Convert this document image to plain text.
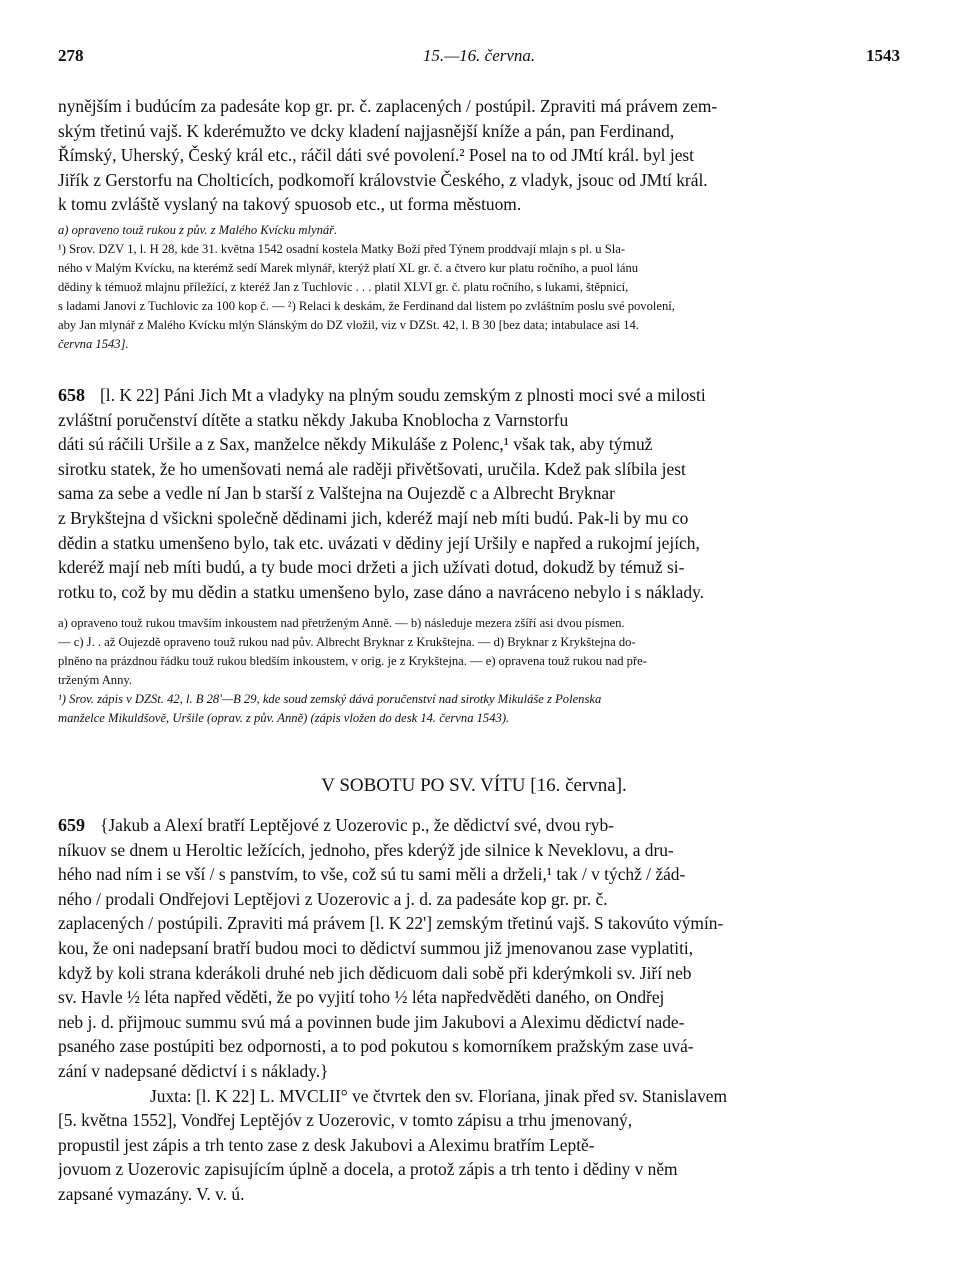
278	15.—16. června.	1543

nynějším i budúcím za padesáte kop gr. pr. č. zaplacených / postúpil. Zpraviti má právem zem-
ským třetinú vajš. K kderémužto ve dcky kladení najjasnější kníže a pán, pan Ferdinand,
Římský, Uherský, Český král etc., ráčil dáti své povolení.² Posel na to od JMtí král. byl jest
Jiřík z Gerstorfu na Cholticích, podkomoří královstvie Českého, z vladyk, jsouc od JMtí král.
k tomu zvláště vyslaný na takový spuosob etc., ut forma městuom.

a) opraveno touž rukou z pův. z Malého Kvícku mlynář.

¹) Srov. DZV 1, l. H 28, kde 31. května 1542 osadní kostela Matky Boží před Týnem proddvají mlajn s pl. u Sla-

ného v Malým Kvícku, na kterémž sedí Marek mlynář, kterýž platí XL gr. č. a čtvero kur platu ročního, a puol lánu

dědiny k témuož mlajnu příležící, z kteréž Jan z Tuchlovic . . . platil XLVI gr. č. platu ročního, s lukami, štěpnicí,

s ladami Janovi z Tuchlovic za 100 kop č. — ²) Relaci k deskám, že Ferdinand dal listem po zvláštním poslu své povolení,

aby Jan mlynář z Malého Kvícku mlýn Slánským do DZ vložil, viz v DZSt. 42, l. B 30 [bez data; intabulace asi 14.

června 1543].

658 [l. K 22] Páni Jich Mt a vladyky na plným soudu zemským z plnosti moci své a milosti
zvláštní poručenství dítěte a statku někdy Jakuba Knoblocha z Varnstorfu
dáti sú ráčili Uršile a z Sax, manželce někdy Mikuláše z Polenc,¹ však tak, aby týmuž
sirotku statek, že ho umenšovati nemá ale raději přivětšovati, uručila. Kdež pak slíbila jest
sama za sebe a vedle ní Jan b starší z Valštejna na Oujezdě c a Albrecht Bryknar
z Brykštejna d všickni společně dědinami jich, kderéž mají neb míti budú. Pak-li by mu co
dědin a statku umenšeno bylo, tak etc. uvázati v dědiny její Uršily e napřed a rukojmí jejích,
kderéž mají neb míti budú, a ty bude moci držeti a jich užívati dotud, dokudž by témuž si-
rotku to, což by mu dědin a statku umenšeno bylo, zase dáno a navráceno nebylo i s náklady.

a) opraveno touž rukou tmavším inkoustem nad přetrženým Anně. — b) následuje mezera zšíří asi dvou písmen.

— c) J. . až Oujezdě opraveno touž rukou nad pův. Albrecht Bryknar z Krukštejna. — d) Bryknar z Krykštejna do-

plněno na prázdnou řádku touž rukou bledším inkoustem, v orig. je z Krykštejna. — e) opravena touž rukou nad pře-

trženým Anny.

¹) Srov. zápis v DZSt. 42, l. B 28'—B 29, kde soud zemský dává poručenství nad sirotky Mikuláše z Polenska

manželce Mikuldšově, Uršile (oprav. z pův. Anně) (zápis vložen do desk 14. června 1543).

V SOBOTU PO SV. VÍTU [16. června].

659 {Jakub a Alexí bratří Leptějové z Uozerovic p., že dědictví své, dvou ryb-
níkuov se dnem u Heroltic ležících, jednoho, přes kderýž jde silnice k Neveklovu, a dru-
hého nad ním i se vší / s panstvím, to vše, což sú tu sami měli a drželi,¹ tak / v týchž / žád-
ného / prodali Ondřejovi Leptějovi z Uozerovic a j. d. za padesáte kop gr. pr. č.
zaplacených / postúpili. Zpraviti má právem [l. K 22'] zemským třetinú vajš. S takovúto výmín-
kou, že oni nadepsaní bratří budou moci to dědictví summou již jmenovanou zase vyplatiti,
když by koli strana kderákoli druhé neb jich dědicuom dali sobě při kderýmkoli sv. Jiří neb
sv. Havle ½ léta napřed věděti, že po vyjití toho ½ léta napředvěděti daného, on Ondřej
neb j. d. přijmouc summu svú má a povinnen bude jim Jakubovi a Aleximu dědictví nade-
psaného zase postúpiti bez odpornosti, a to pod pokutou s komorníkem pražským zase uvá-
zání v nadepsané dědictví i s náklady.}
Juxta: [l. K 22] L. MVCLII° ve čtvrtek den sv. Floriana, jinak před sv. Stanislavem
[5. května 1552], Vondřej Leptějóv z Uozerovic, v tomto zápisu a trhu jmenovaný,
propustil jest zápis a trh tento zase z desk Jakubovi a Aleximu bratřím Leptě-
jovuom z Uozerovic zapisujícím úplně a docela, a protož zápis a trh tento i dědiny v něm
zapsané vymazány. V. v. ú.
